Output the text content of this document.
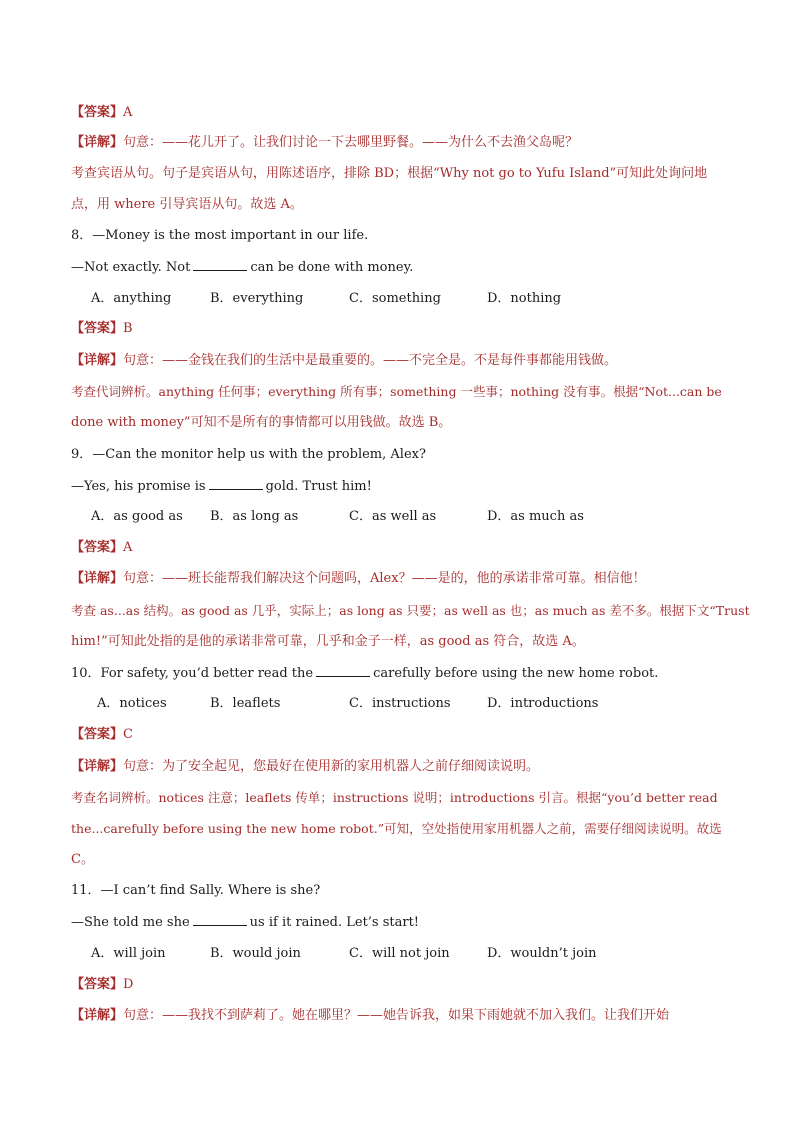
【答案】A
【详解】句意：——花儿开了。让我们讨论一下去哪里野餐。——为什么不去渔父岛呢？
考查宾语从句。句子是宾语从句，用陈述语序，排除 BD；根据“Why not go to Yufu Island”可知此处询问地
点，用 where 引导宾语从句。故选 A。
8．—Money is the most important in our life.
—Not exactly. Not	can be done with money.
A．anything	B．everything	C．something	D．nothing
【答案】B
【详解】句意：——金钱在我们的生活中是最重要的。——不完全是。不是每件事都能用钱做。
考查代词辨析。anything 任何事；everything 所有事；something 一些事；nothing 没有事。根据“Not...can be
done with money”可知不是所有的事情都可以用钱做。故选 B。
9．—Can the monitor help us with the problem, Alex?
—Yes, his promise is	gold. Trust him!
A．as good as B．as long as	C．as well as	D．as much as
【答案】A
【详解】句意：——班长能帮我们解决这个问题吗，Alex？——是的，他的承诺非常可靠。相信他！
考查 as...as 结构。as good as 几乎，实际上；as long as 只要；as well as 也；as much as 差不多。根据下文“Trust
him!”可知此处指的是他的承诺非常可靠，几乎和金子一样，as good as 符合，故选 A。
10．For safety, you’d better read the	carefully before using the new home robot.
A．notices	B．leaflets	C．instructions	D．introductions
【答案】C
【详解】句意：为了安全起见，您最好在使用新的家用机器人之前仔细阅读说明。
考查名词辨析。notices 注意；leaflets 传单；instructions 说明；introductions 引言。根据“you’d better read
the...carefully before using the new home robot.”可知，空处指使用家用机器人之前，需要仔细阅读说明。故选
C。
11．—I can’t find Sally. Where is she?
—She told me she	us if it rained. Let’s start!
A．will join	B．would join	C．will not join	D．wouldn’t join
【答案】D
【详解】句意：——我找不到萨莉了。她在哪里？——她告诉我，如果下雨她就不加入我们。让我们开始
